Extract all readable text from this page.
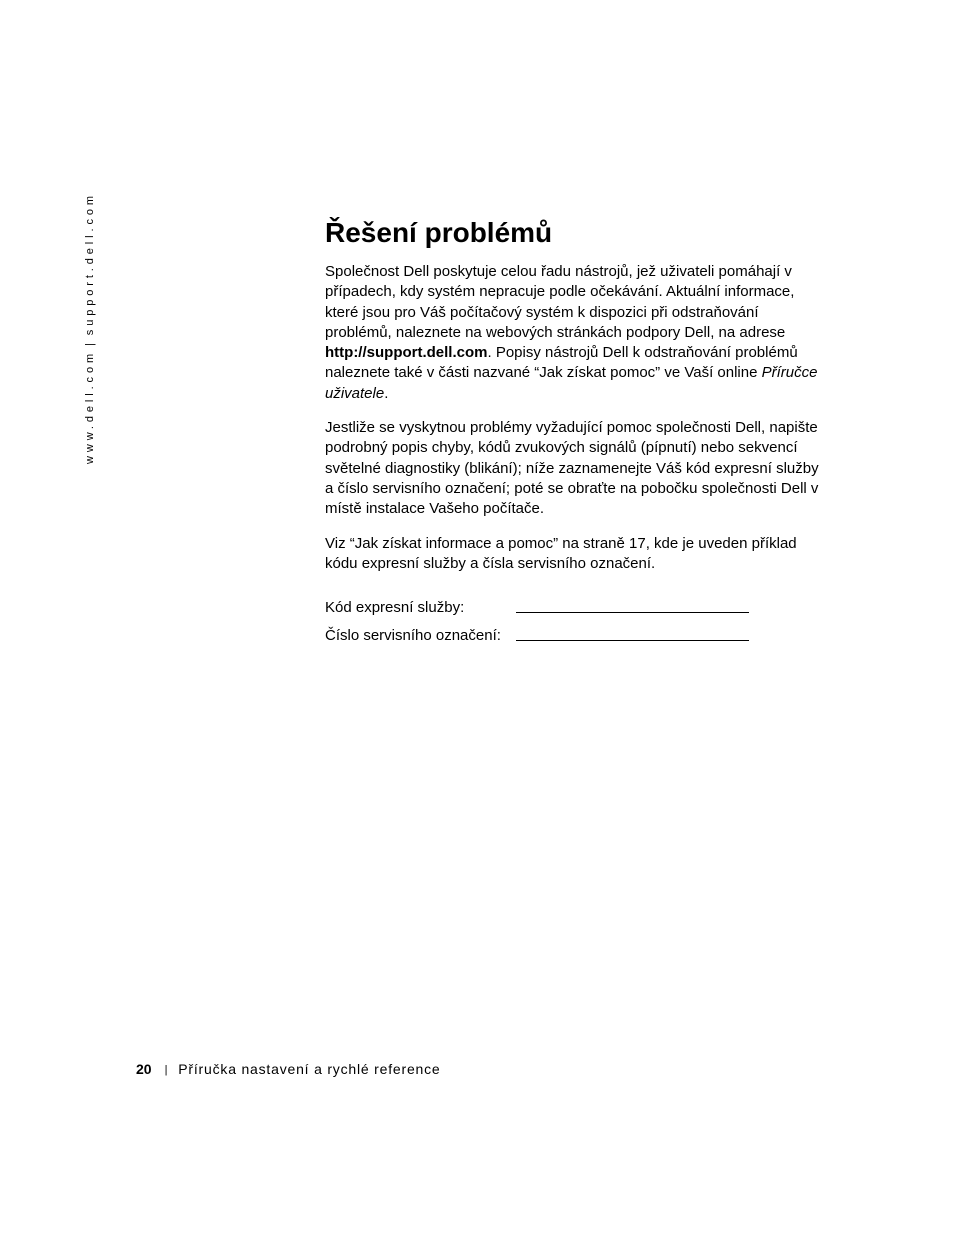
www.dell.com|support.dell.com	Řešení problémů

Společnost Dell poskytuje celou řadu nástrojů, jež uživateli pomáhají v případech, kdy systém nepracuje podle očekávání. Aktuální informace, které jsou pro Váš počítačový systém k dispozici při odstraňování problémů, naleznete na webových stránkách podpory Dell, na adrese http://support.dell.com. Popisy nástrojů Dell k odstraňování problémů naleznete také v části nazvané “Jak získat pomoc” ve Vaší online Příručce uživatele.

Jestliže se vyskytnou problémy vyžadující pomoc společnosti Dell, napište podrobný popis chyby, kódů zvukových signálů (pípnutí) nebo sekvencí světelné diagnostiky (blikání); níže zaznamenejte Váš kód expresní služby a číslo servisního označení; poté se obraťte na pobočku společnosti Dell v místě instalace Vašeho počítače.

Viz “Jak získat informace a pomoc” na straně 17, kde je uveden příklad kódu expresní služby a čísla servisního označení.

Kód expresní služby:
Číslo servisního označení:
20 | Příručka nastavení a rychlé reference
